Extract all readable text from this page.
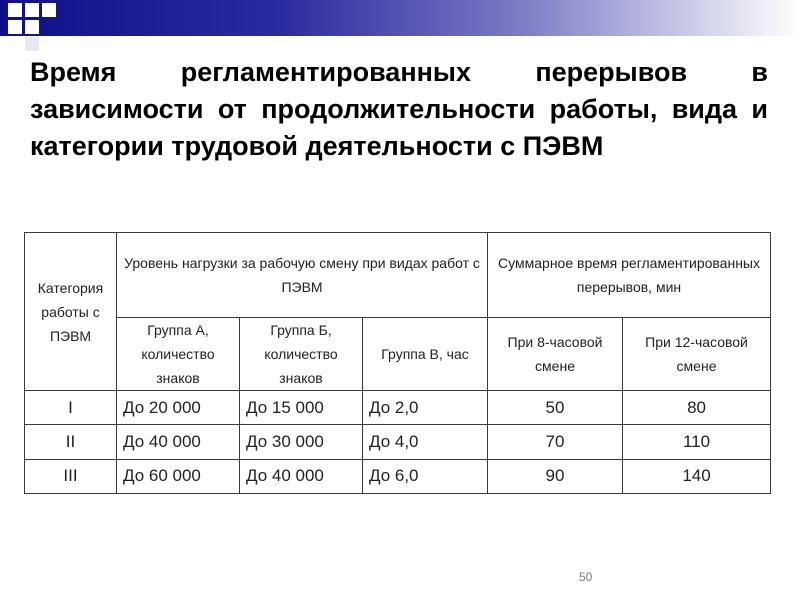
Время регламентированных перерывов в зависимости от продолжительности работы, вида и категории трудовой деятельности с ПЭВМ
Категория работы с ПЭВМ	Уровень нагрузки за рабочую смену при видах работ с ПЭВМ			Суммарное время регламентированных перерывов, мин	
	Группа А, количество знаков	Группа Б, количество знаков	Группа В, час	При 8-часовой смене	При 12-часовой смене
I	До 20 000	До 15 000	До 2,0	50	80
II	До 40 000	До 30 000	До 4,0	70	110
III	До 60 000	До 40 000	До 6,0	90	140
50
